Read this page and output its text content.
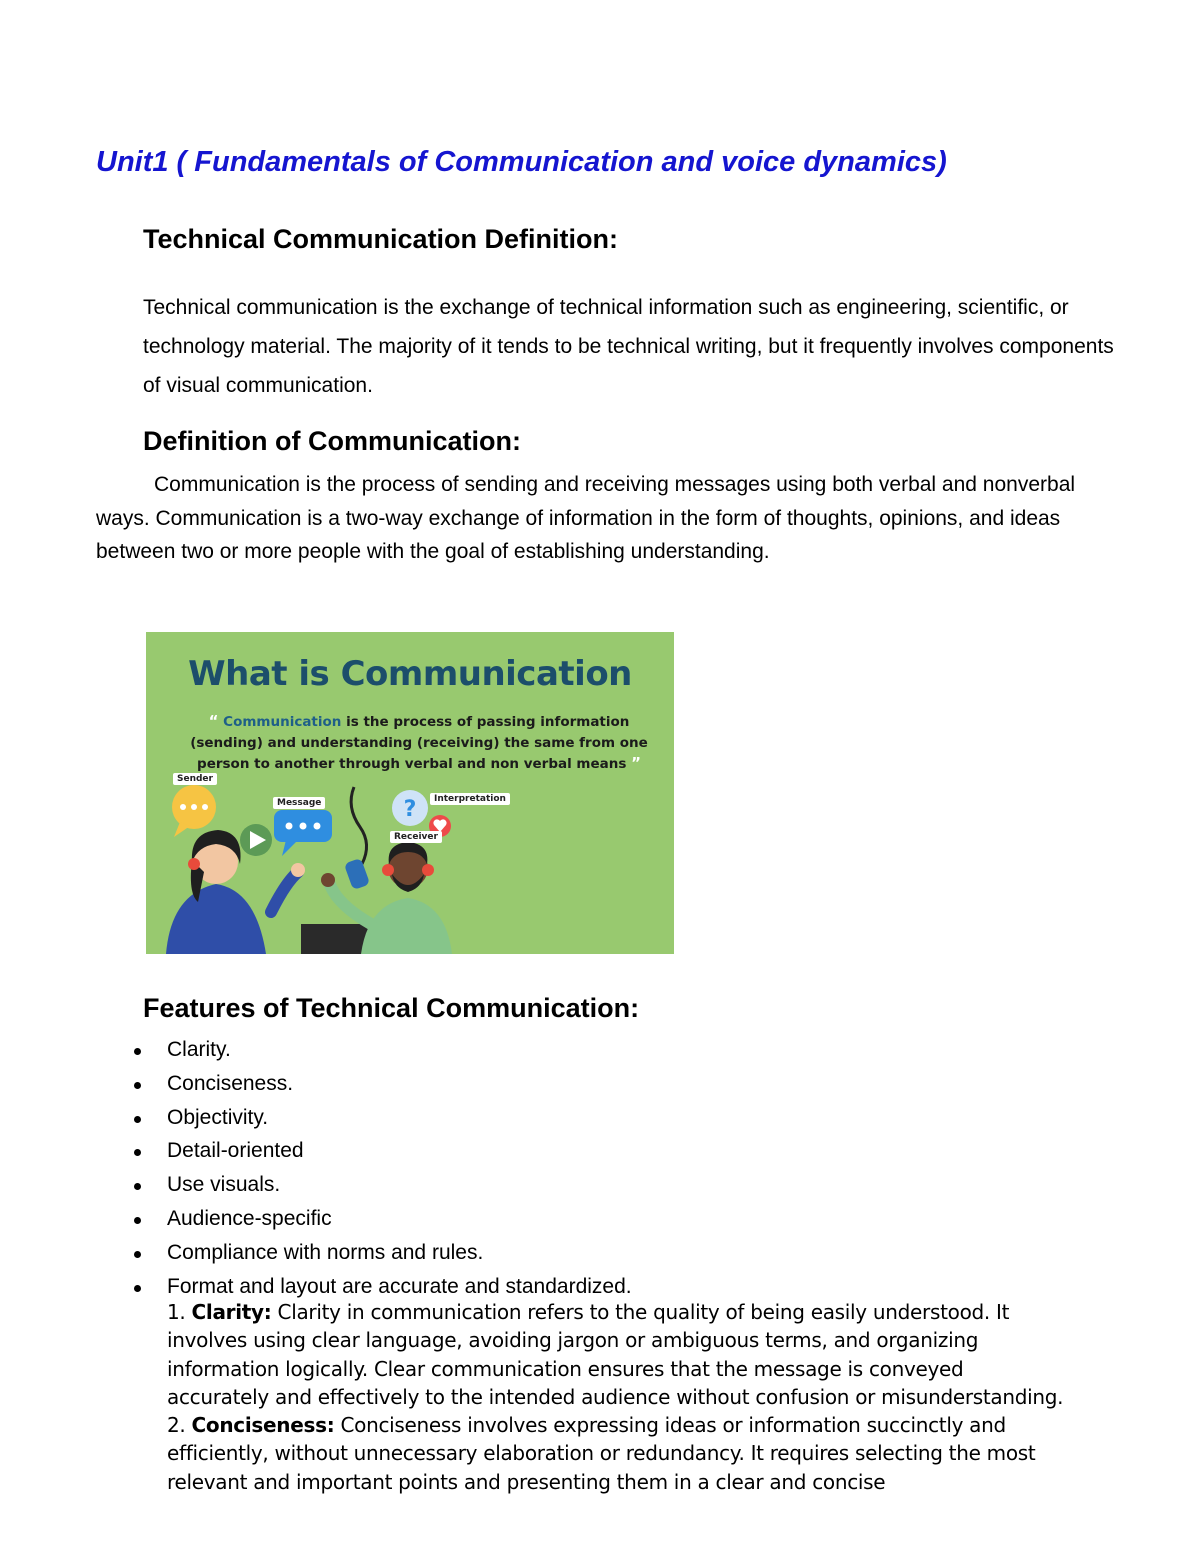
Unit1 ( Fundamentals of Communication and voice dynamics)
Technical Communication Definition:

Technical communication is the exchange of technical information such as engineering, scientific, or technology material. The majority of it tends to be technical writing, but it frequently involves components of visual communication.

Definition of Communication:

Communication is the process of sending and receiving messages using both verbal and nonverbal ways. Communication is a two-way exchange of information in the form of thoughts, opinions, and ideas between two or more people with the goal of establishing understanding.

?
What is Communication
“ Communication is the process of passing information (sending) and understanding (receiving) the same from one person to another through verbal and non verbal means ”
Sender
Message	Interpretation
Receiver
Features of Technical Communication:
Clarity.
Conciseness.
Objectivity.
Detail-oriented
Use visuals.
Audience-specific
Compliance with norms and rules.
Format and layout are accurate and standardized.

1. Clarity: Clarity in communication refers to the quality of being easily understood. It involves using clear language, avoiding jargon or ambiguous terms, and organizing information logically. Clear communication ensures that the message is conveyed accurately and effectively to the intended audience without confusion or misunderstanding.

2. Conciseness: Conciseness involves expressing ideas or information succinctly and efficiently, without unnecessary elaboration or redundancy. It requires selecting the most relevant and important points and presenting them in a clear and concise
